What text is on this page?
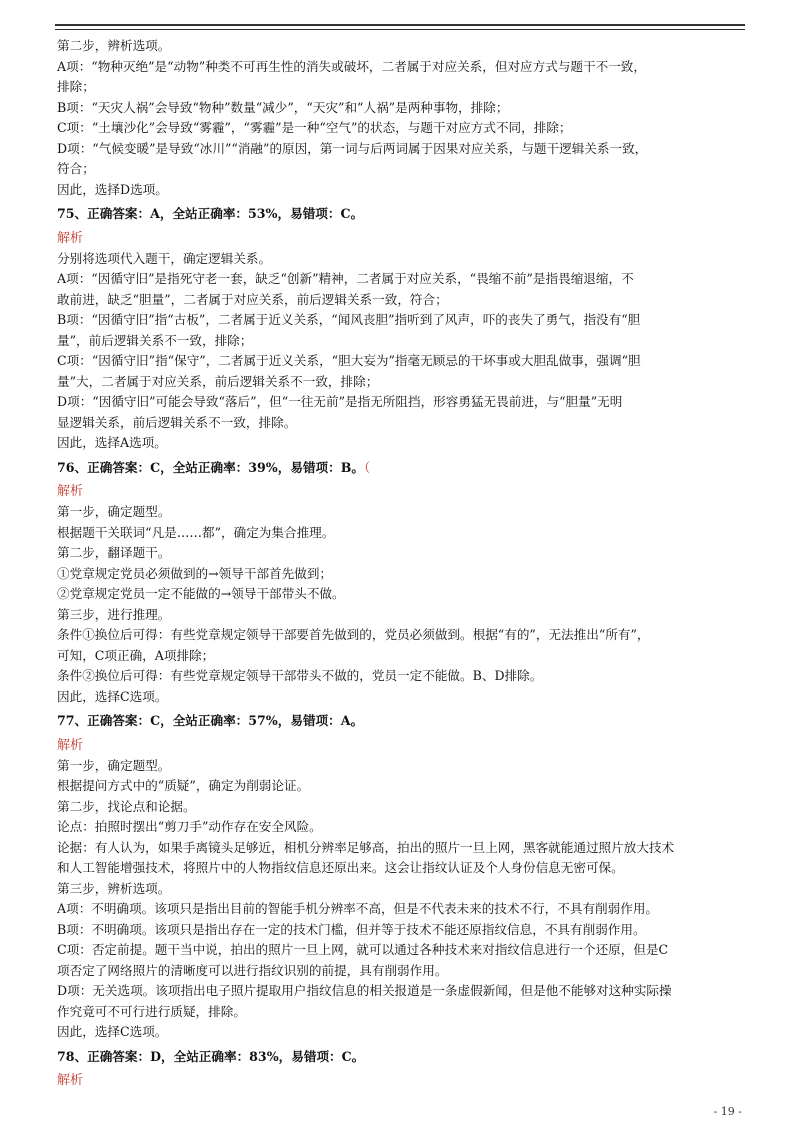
第二步，辨析选项。
A项：“物种灭绝”是“动物”种类不可再生性的消失或破坏，二者属于对应关系，但对应方式与题干不一致，
排除；
B项：“天灾人祸”会导致“物种”数量“减少”，“天灾”和“人祸”是两种事物，排除；
C项：“土壤沙化”会导致“雾霾”，“雾霾”是一种“空气”的状态，与题干对应方式不同，排除；
D项：“气候变暖”是导致“冰川”“消融”的原因，第一词与后两词属于因果对应关系，与题干逻辑关系一致，
符合；
因此，选择D选项。
75、正确答案：A，全站正确率：53%，易错项：C。
解析
分别将选项代入题干，确定逻辑关系。
A项：“因循守旧”是指死守老一套，缺乏“创新”精神，二者属于对应关系，“畏缩不前”是指畏缩退缩，不
敢前进，缺乏“胆量”，二者属于对应关系，前后逻辑关系一致，符合；
B项：“因循守旧”指“古板”，二者属于近义关系，“闻风丧胆”指听到了风声，吓的丧失了勇气，指没有“胆
量”，前后逻辑关系不一致，排除；
C项：“因循守旧”指“保守”，二者属于近义关系，“胆大妄为”指毫无顾忌的干坏事或大胆乱做事，强调“胆
量”大，二者属于对应关系，前后逻辑关系不一致，排除；
D项：“因循守旧”可能会导致“落后”，但“一往无前”是指无所阻挡，形容勇猛无畏前进，与“胆量”无明
显逻辑关系，前后逻辑关系不一致，排除。
因此，选择A选项。
76、正确答案：C，全站正确率：39%，易错项：B。（
解析
第一步，确定题型。
根据题干关联词“凡是……都”，确定为集合推理。
第二步，翻译题干。
①党章规定党员必须做到的→领导干部首先做到；
②党章规定党员一定不能做的→领导干部带头不做。
第三步，进行推理。
条件①换位后可得：有些党章规定领导干部要首先做到的，党员必须做到。根据“有的”，无法推出“所有”，
可知，C项正确，A项排除；
条件②换位后可得：有些党章规定领导干部带头不做的，党员一定不能做。B、D排除。
因此，选择C选项。
77、正确答案：C，全站正确率：57%，易错项：A。
解析
第一步，确定题型。
根据提问方式中的“质疑”，确定为削弱论证。
第二步，找论点和论据。
论点：拍照时摆出“剪刀手”动作存在安全风险。
论据：有人认为，如果手离镜头足够近，相机分辨率足够高，拍出的照片一旦上网，黑客就能通过照片放大技术
和人工智能增强技术，将照片中的人物指纹信息还原出来。这会让指纹认证及个人身份信息无密可保。
第三步，辨析选项。
A项：不明确项。该项只是指出目前的智能手机分辨率不高，但是不代表未来的技术不行，不具有削弱作用。
B项：不明确项。该项只是指出存在一定的技术门槛，但并等于技术不能还原指纹信息，不具有削弱作用。
C项：否定前提。题干当中说，拍出的照片一旦上网，就可以通过各种技术来对指纹信息进行一个还原，但是C
项否定了网络照片的清晰度可以进行指纹识别的前提，具有削弱作用。
D项：无关选项。该项指出电子照片提取用户指纹信息的相关报道是一条虚假新闻，但是他不能够对这种实际操
作究竟可不可行进行质疑，排除。
因此，选择C选项。
78、正确答案：D，全站正确率：83%，易错项：C。
解析
- 19 -
